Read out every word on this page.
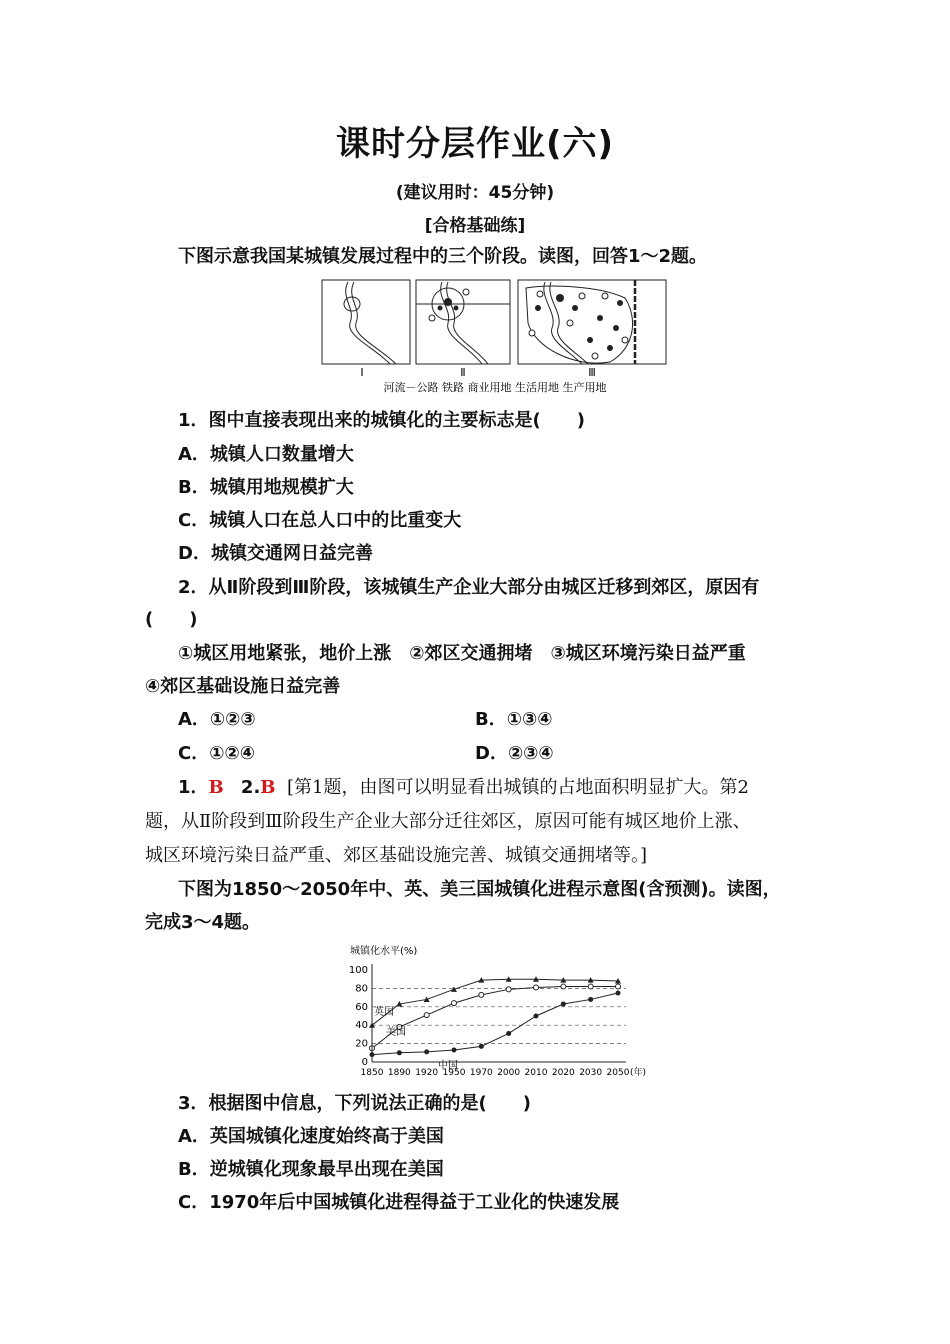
课时分层作业(六)
(建议用时：45分钟)
[合格基础练]
下图示意我国某城镇发展过程中的三个阶段。读图，回答1～2题。
Ⅰ	Ⅱ	Ⅲ
河流－公路 铁路 商业用地 生活用地 生产用地
1．图中直接表现出来的城镇化的主要标志是(　　)
A．城镇人口数量增大
B．城镇用地规模扩大
C．城镇人口在总人口中的比重变大
D．城镇交通网日益完善
2．从Ⅱ阶段到Ⅲ阶段，该城镇生产企业大部分由城区迁移到郊区，原因有
(　　)
①城区用地紧张，地价上涨　②郊区交通拥堵　③城区环境污染日益严重
④郊区基础设施日益完善
A．①②③	B．①③④
C．①②④	D．②③④
1．B 2.B [第1题，由图可以明显看出城镇的占地面积明显扩大。第2
题，从Ⅱ阶段到Ⅲ阶段生产企业大部分迁往郊区，原因可能有城区地价上涨、
城区环境污染日益严重、郊区基础设施完善、城镇交通拥堵等。]
下图为1850～2050年中、英、美三国城镇化进程示意图(含预测)。读图，
完成3～4题。
城镇化水平(%)
0
20
40
60
80
100
1850 1890 1920 1950 1970 2000 2010 2020 2030 2050 (年)
英国
美国
中国
3．根据图中信息，下列说法正确的是(　　)
A．英国城镇化速度始终高于美国
B．逆城镇化现象最早出现在美国
C．1970年后中国城镇化进程得益于工业化的快速发展
